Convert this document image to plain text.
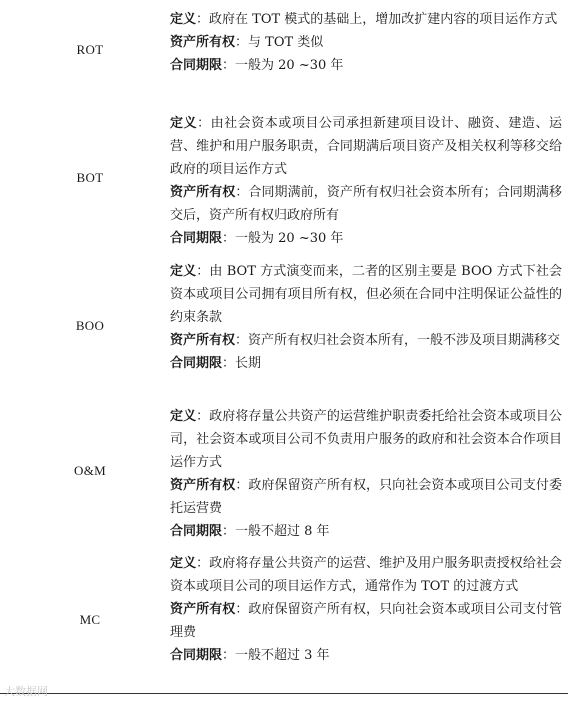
ROT
定义：政府在 TOT 模式的基础上，增加改扩建内容的项目运作方式
资产所有权：与 TOT 类似
合同期限：一般为 20 ~30 年
BOT
定义：由社会资本或项目公司承担新建项目设计、融资、建造、运营、维护和用户服务职责，合同期满后项目资产及相关权利等移交给政府的项目运作方式
资产所有权：合同期满前，资产所有权归社会资本所有；合同期满移交后，资产所有权归政府所有
合同期限：一般为 20 ~30 年
BOO
定义：由 BOT 方式演变而来，二者的区别主要是 BOO 方式下社会资本或项目公司拥有项目所有权，但必须在合同中注明保证公益性的约束条款
资产所有权：资产所有权归社会资本所有，一般不涉及项目期满移交
合同期限：长期
O&M
定义：政府将存量公共资产的运营维护职责委托给社会资本或项目公司，社会资本或项目公司不负责用户服务的政府和社会资本合作项目运作方式
资产所有权：政府保留资产所有权，只向社会资本或项目公司支付委托运营费
合同期限：一般不超过 8 年
MC
定义：政府将存量公共资产的运营、维护及用户服务职责授权给社会资本或项目公司的项目运作方式，通常作为 TOT 的过渡方式
资产所有权：政府保留资产所有权，只向社会资本或项目公司支付管理费
合同期限：一般不超过 3 年
大数据网
